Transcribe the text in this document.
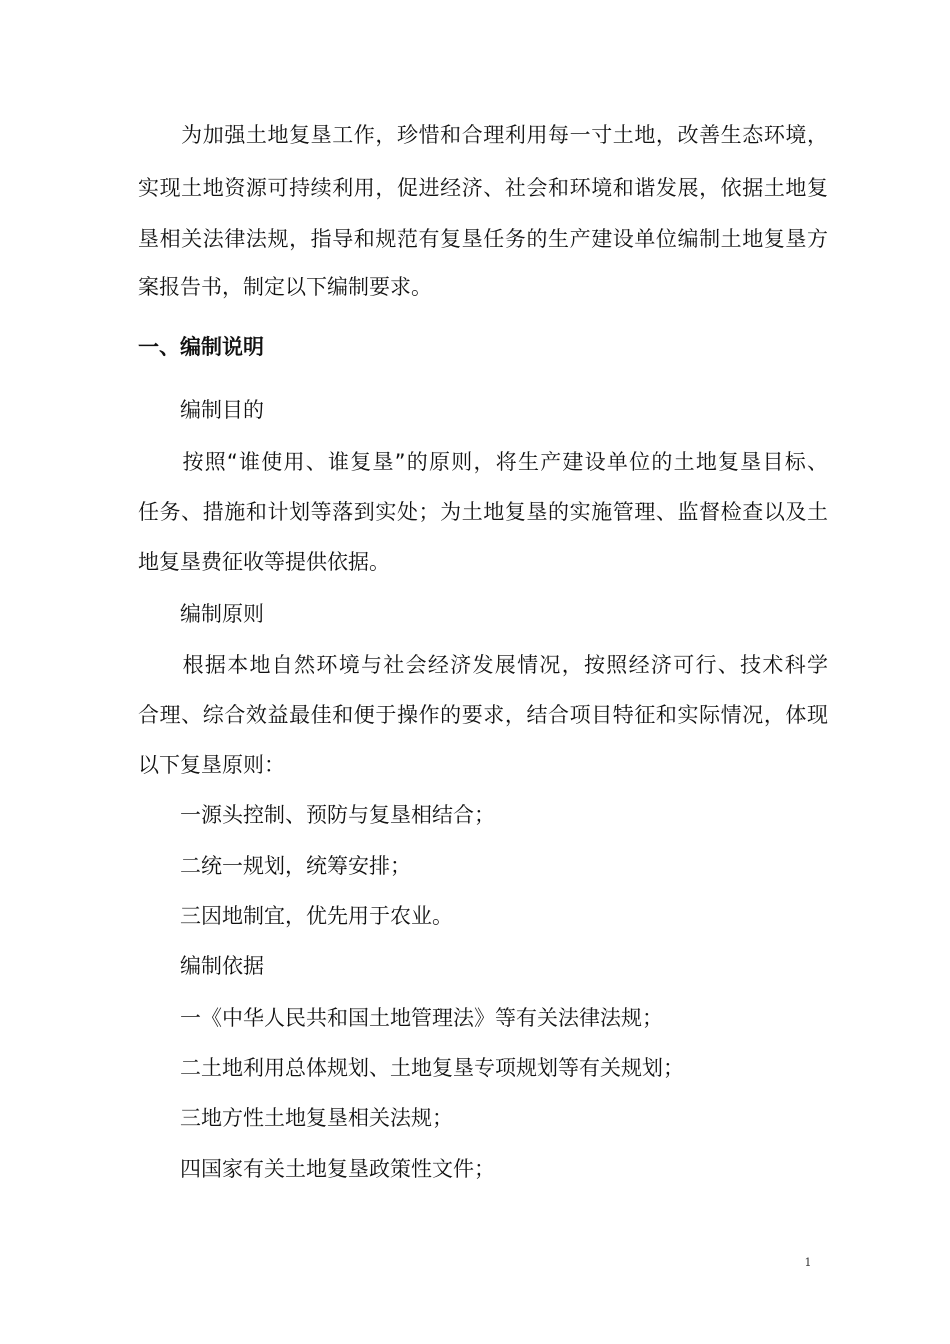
　　为加强土地复垦工作，珍惜和合理利用每一寸土地，改善生态环境，
实现土地资源可持续利用，促进经济、社会和环境和谐发展，依据土地复
垦相关法律法规，指导和规范有复垦任务的生产建设单位编制土地复垦方
案报告书，制定以下编制要求。
一、编制说明
　　编制目的
　　按照“谁使用、谁复垦”的原则，将生产建设单位的土地复垦目标、
任务、措施和计划等落到实处；为土地复垦的实施管理、监督检查以及土
地复垦费征收等提供依据。
　　编制原则
　　根据本地自然环境与社会经济发展情况，按照经济可行、技术科学
合理、综合效益最佳和便于操作的要求，结合项目特征和实际情况，体现
以下复垦原则：
　　一源头控制、预防与复垦相结合；
　　二统一规划，统筹安排；
　　三因地制宜，优先用于农业。
　　编制依据
　　一《中华人民共和国土地管理法》等有关法律法规；
　　二土地利用总体规划、土地复垦专项规划等有关规划；
　　三地方性土地复垦相关法规；
　　四国家有关土地复垦政策性文件；
1
